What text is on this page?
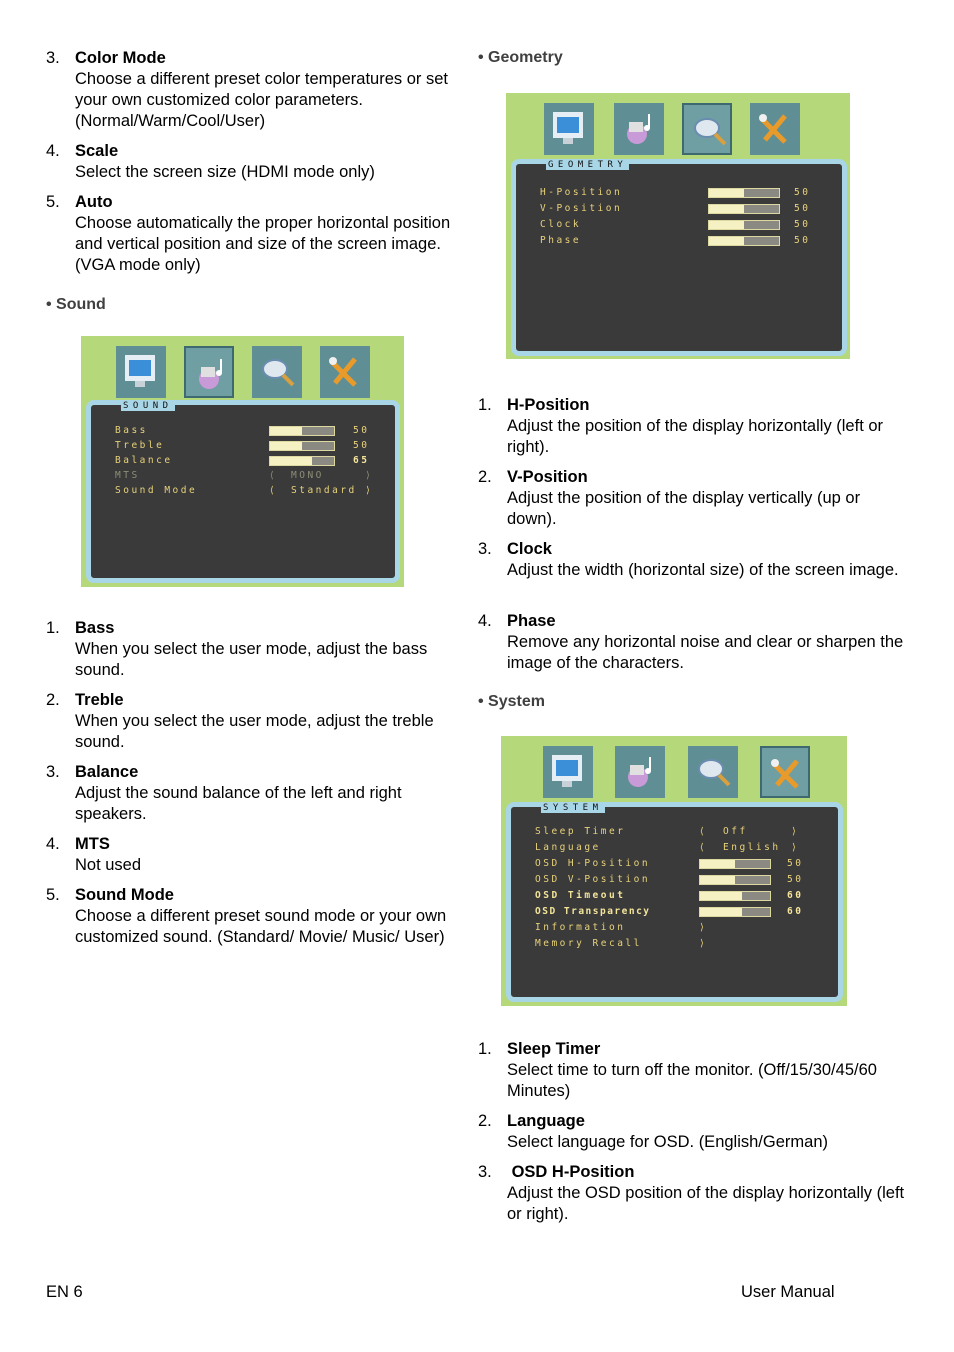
3. Color Mode
Choose a different preset color temperatures or set your own customized color parameters. (Normal/Warm/Cool/User)
4. Scale
Select the screen size (HDMI mode only)
5. Auto
Choose automatically the proper horizontal position and vertical position and size of the screen image. (VGA mode only)
• Sound
SOUND
Bass	50
Treble	50
Balance	65
MTS	⟨ MONO	⟩
Sound Mode	⟨ Standard ⟩
1. Bass
When you select the user mode, adjust the bass sound.
2. Treble
When you select the user mode, adjust the treble sound.
3. Balance
Adjust the sound balance of the left and right speakers.
4. MTS
Not used
5. Sound Mode
Choose a different preset sound mode or your own customized sound. (Standard/ Movie/ Music/ User)
EN 6
• Geometry
GEOMETRY
H-Position	50
V-Position	50
Clock	50
Phase	50
1. H-Position
Adjust the position of the display horizontally (left or right).
2. V-Position
Adjust the position of the display vertically (up or down).
3. Clock
Adjust the width (horizontal size) of the screen image.
4. Phase
Remove any horizontal noise and clear or sharpen the image of the characters.
• System
SYSTEM
Sleep Timer	⟨ Off	⟩
Language	⟨ English ⟩
OSD H-Position	50
OSD V-Position	50
OSD Timeout	60
OSD Transparency	60
Information	⟩
Memory Recall	⟩
1. Sleep Timer
Select time to turn off the monitor. (Off/15/30/45/60 Minutes)
2. Language
Select language for OSD. (English/German)
3. OSD H-Position
Adjust the OSD position of the display horizontally (left or right).
User Manual
